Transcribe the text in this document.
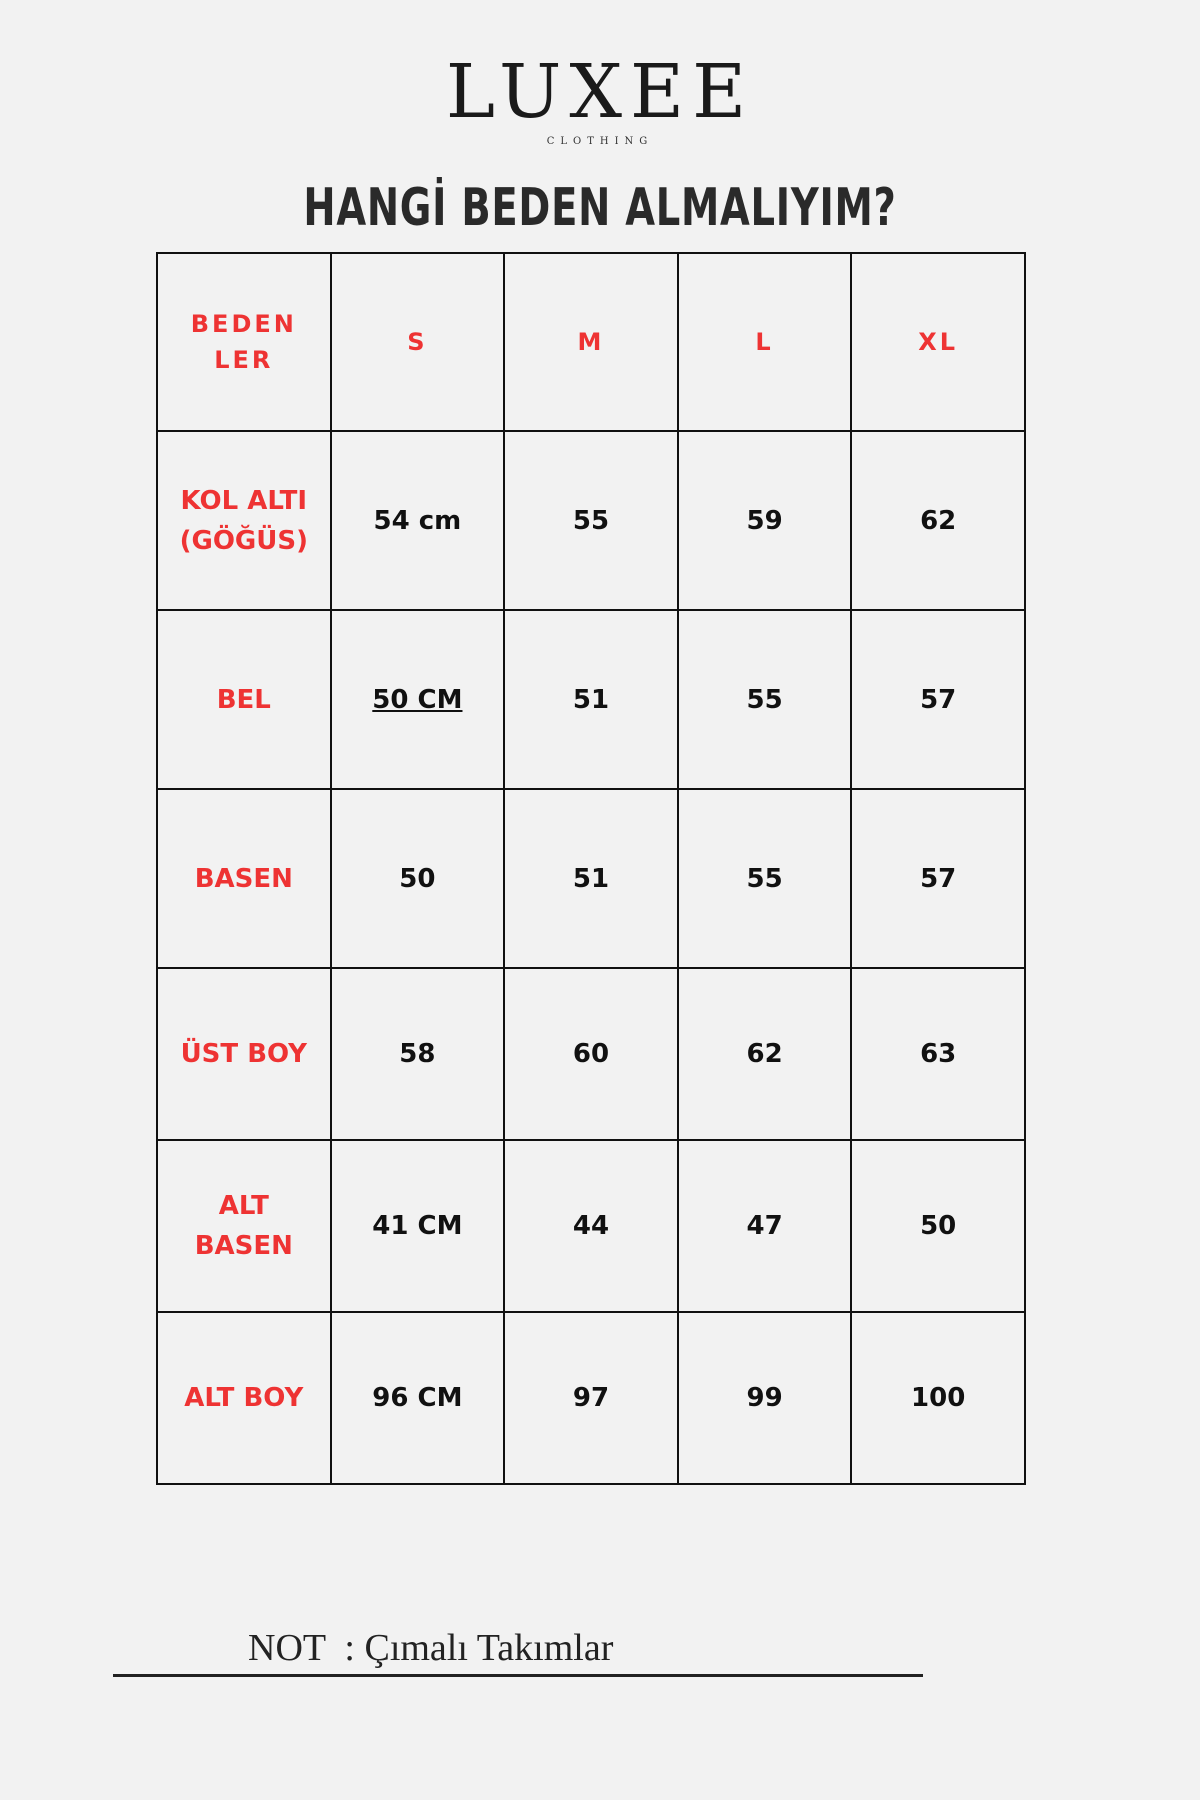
LUXEE
CLOTHING
HANGİ BEDEN ALMALIYIM?
BEDENLER	S	M	L	XL
KOL ALTI (GÖĞÜS)	54 cm	55	59	62
BEL	50 CM	51	55	57
BASEN	50	51	55	57
ÜST BOY	58	60	62	63
ALT BASEN	41 CM	44	47	50
ALT BOY	96 CM	97	99	100
NOT  : Çımalı Takımlar
